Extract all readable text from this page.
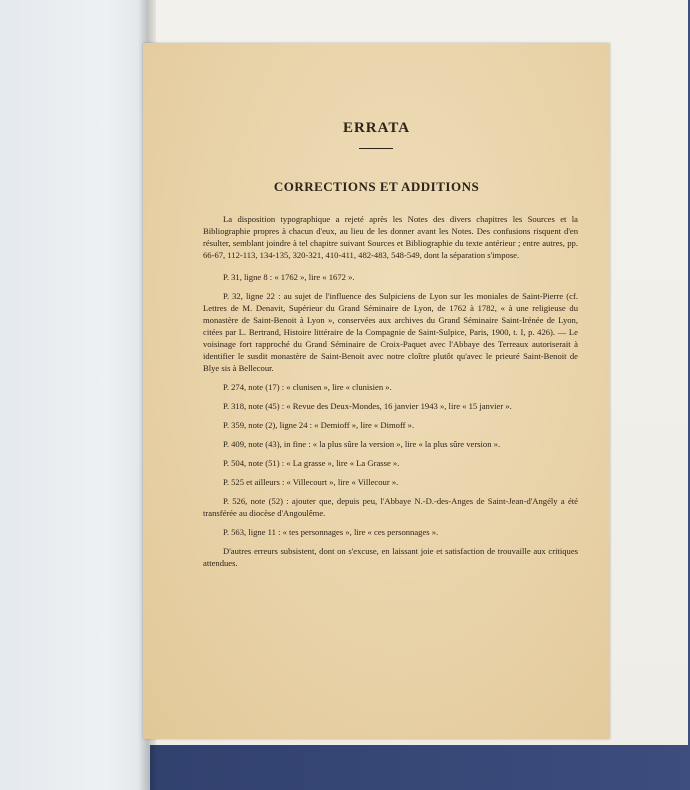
ERRATA
CORRECTIONS ET ADDITIONS

La disposition typographique a rejeté après les Notes des divers chapitres les Sources et la Bibliographie propres à chacun d'eux, au lieu de les donner avant les Notes. Des confusions risquent d'en résulter, semblant joindre à tel chapitre suivant Sources et Bibliographie du texte antérieur ; entre autres, pp. 66-67, 112-113, 134-135, 320-321, 410-411, 482-483, 548-549, dont la séparation s'impose.

P. 31, ligne 8 : « 1762 », lire « 1672 ».

P. 32, ligne 22 : au sujet de l'influence des Sulpiciens de Lyon sur les moniales de Saint-Pierre (cf. Lettres de M. Denavit, Supérieur du Grand Séminaire de Lyon, de 1762 à 1782, « à une religieuse du monastère de Saint-Benoit à Lyon », conservées aux archives du Grand Séminaire Saint-Irénée de Lyon, citées par L. Bertrand, Histoire littéraire de la Compagnie de Saint-Sulpice, Paris, 1900, t. I, p. 426). — Le voisinage fort rapproché du Grand Séminaire de Croix-Paquet avec l'Abbaye des Terreaux autoriserait à identifier le susdit monastère de Saint-Benoit avec notre cloître plutôt qu'avec le prieuré Saint-Benoit de Blye sis à Bellecour.

P. 274, note (17) : « clunisen », lire « clunisien ».

P. 318, note (45) : « Revue des Deux-Mondes, 16 janvier 1943 », lire « 15 janvier ».

P. 359, note (2), ligne 24 : « Demioff », lire « Dimoff ».

P. 409, note (43), in fine : « la plus sûre la version », lire « la plus sûre version ».

P. 504, note (51) : « La grasse », lire « La Grasse ».

P. 525 et ailleurs : « Villecourt », lire « Villecour ».

P. 526, note (52) : ajouter que, depuis peu, l'Abbaye N.-D.-des-Anges de Saint-Jean-d'Angély a été transférée au diocèse d'Angoulême.

P. 563, ligne 11 : « tes personnages », lire « ces personnages ».

D'autres erreurs subsistent, dont on s'excuse, en laissant joie et satisfaction de trouvaille aux critiques attendues.
